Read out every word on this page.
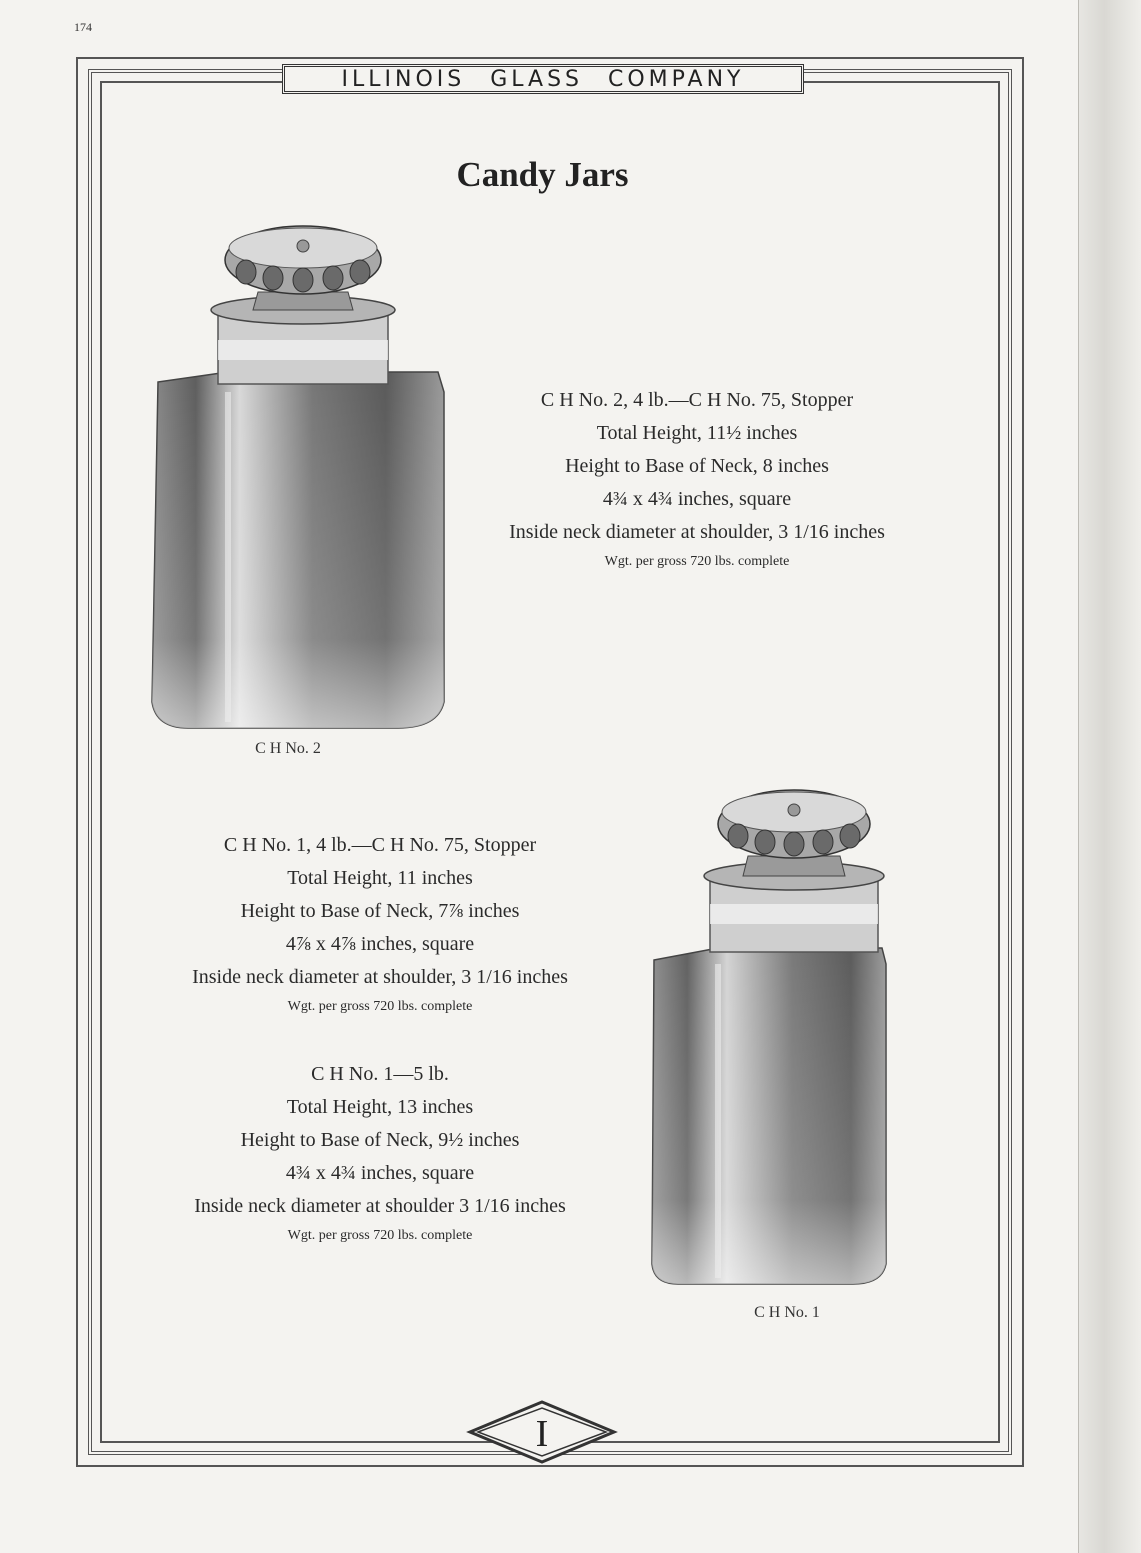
174
ILLINOIS GLASS COMPANY
Candy Jars
C H No. 2
C H No. 2, 4 lb.—C H No. 75, Stopper
Total Height, 11½ inches
Height to Base of Neck, 8 inches
4¾ x 4¾ inches, square
Inside neck diameter at shoulder, 3 1/16 inches
Wgt. per gross 720 lbs. complete
C H No. 1, 4 lb.—C H No. 75, Stopper
Total Height, 11 inches
Height to Base of Neck, 7⅞ inches
4⅞ x 4⅞ inches, square
Inside neck diameter at shoulder, 3 1/16 inches
Wgt. per gross 720 lbs. complete
C H No. 1—5 lb.
Total Height, 13 inches
Height to Base of Neck, 9½ inches
4¾ x 4¾ inches, square
Inside neck diameter at shoulder 3 1/16 inches
Wgt. per gross 720 lbs. complete
C H No. 1
I
